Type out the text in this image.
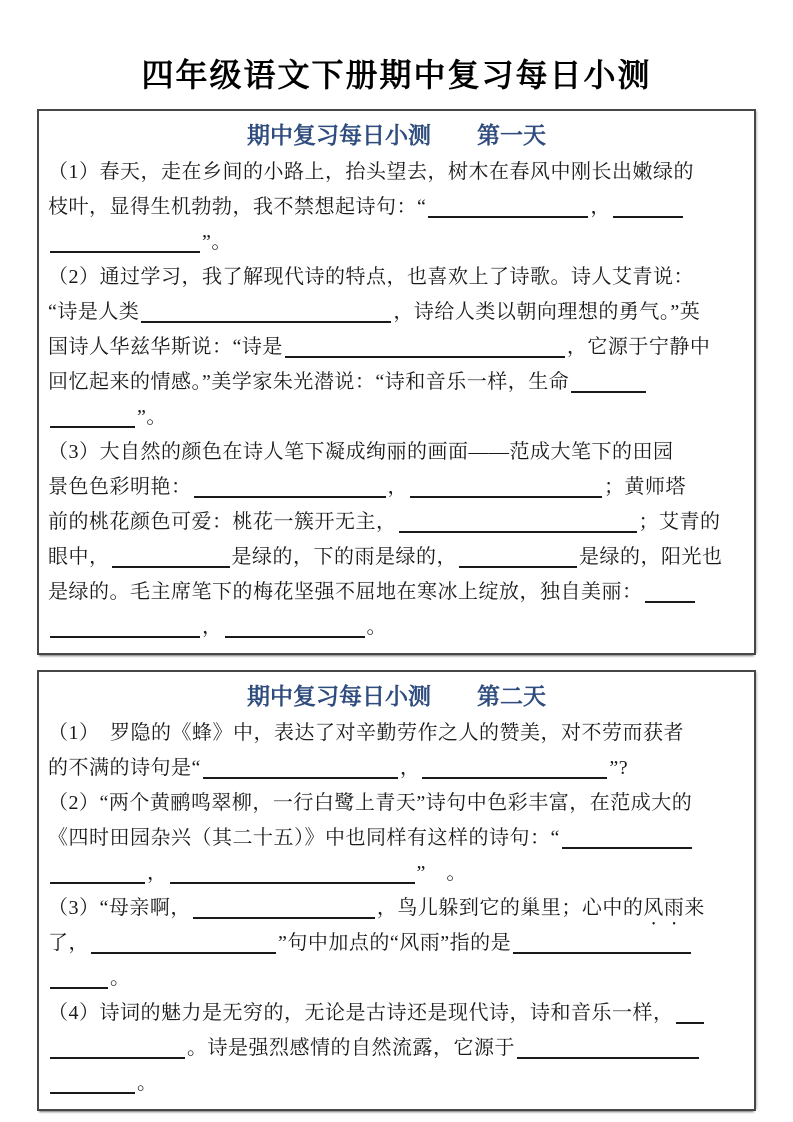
四年级语文下册期中复习每日小测
期中复习每日小测　　第一天
（1）春天，走在乡间的小路上，抬头望去，树木在春风中刚长出嫩绿的
枝叶，显得生机勃勃，我不禁想起诗句：“	，
”。
（2）通过学习，我了解现代诗的特点，也喜欢上了诗歌。诗人艾青说：
“诗是人类	，诗给人类以朝向理想的勇气。”英
国诗人华兹华斯说：“诗是	，它源于宁静中
回忆起来的情感。”美学家朱光潜说：“诗和音乐一样，生命
”。
（3）大自然的颜色在诗人笔下凝成绚丽的画面——范成大笔下的田园
景色色彩明艳：	，	；黄师塔
前的桃花颜色可爱：桃花一簇开无主，	；艾青的
眼中，	是绿的，下的雨是绿的，	是绿的，阳光也
是绿的。毛主席笔下的梅花坚强不屈地在寒冰上绽放，独自美丽：
，	。
期中复习每日小测　　第二天
（1）　罗隐的《蜂》中，表达了对辛勤劳作之人的赞美，对不劳而获者
的不满的诗句是“	，	”?
（2）“两个黄鹂鸣翠柳，一行白鹭上青天”诗句中色彩丰富，在范成大的
《四时田园杂兴（其二十五）》中也同样有这样的诗句：“
，	”　。
（3）“母亲啊，	，鸟儿躲到它的巢里；心中的风雨来
了，	”句中加点的“风雨”指的是
。
（4）诗词的魅力是无穷的，无论是古诗还是现代诗，诗和音乐一样，
。诗是强烈感情的自然流露，它源于
。
